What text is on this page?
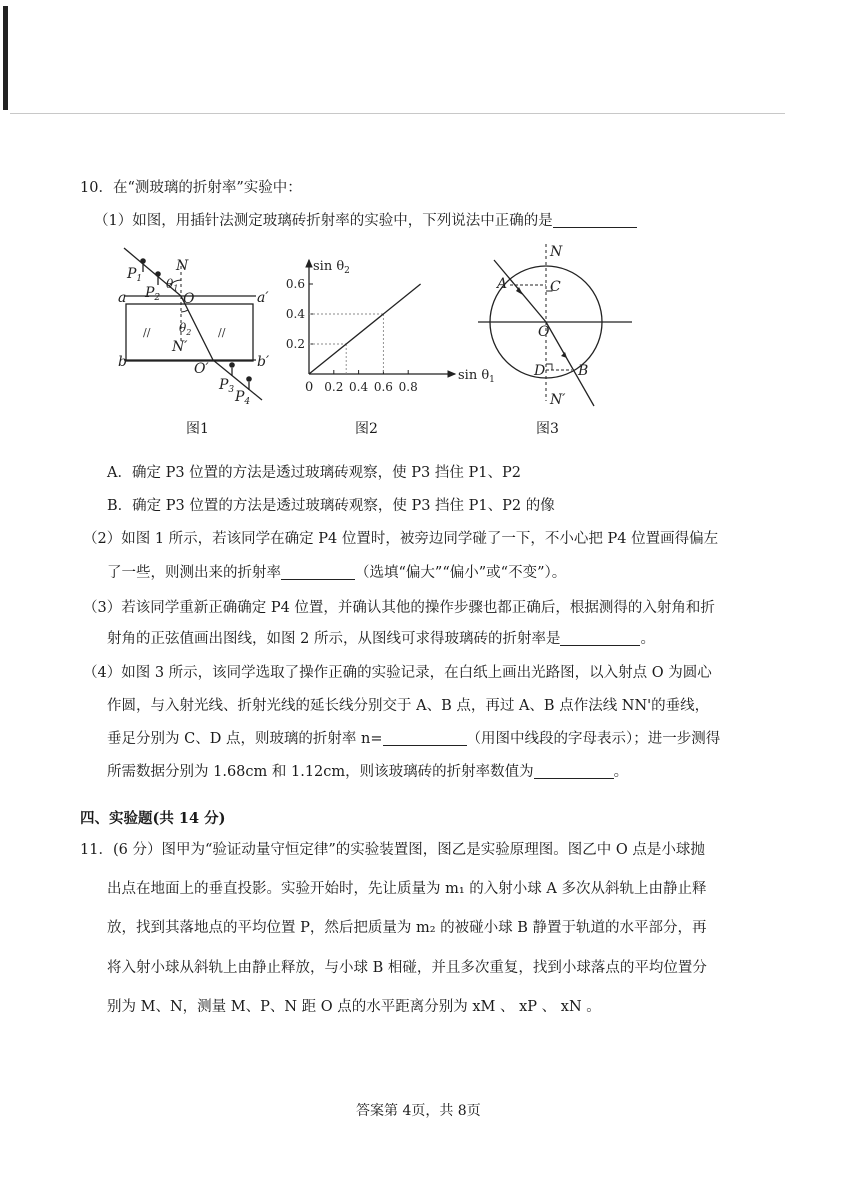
10．在“测玻璃的折射率”实验中：
（1）如图，用插针法测定玻璃砖折射率的实验中，下列说法中正确的是
$P_1$
$P_2$
N
$\theta_1$
O
a	a′
$\theta_2$
N′
b	b′
O′
$P_3$ $P_4$
//	//
图1
0.6
0.4
0.2
0.2 0.4 0.6 0.8
$\sin \theta_2$
$\sin \theta_1$
0
图2
N
A	C
O
D B
N′
图3
A．确定 P3 位置的方法是透过玻璃砖观察，使 P3 挡住 P1、P2
B．确定 P3 位置的方法是透过玻璃砖观察，使 P3 挡住 P1、P2 的像
（2）如图 1 所示，若该同学在确定 P4 位置时，被旁边同学碰了一下，不小心把 P4 位置画得偏左
了一些，则测出来的折射率	（选填“偏大”“偏小”或“不变”）。
（3）若该同学重新正确确定 P4 位置，并确认其他的操作步骤也都正确后，根据测得的入射角和折
射角的正弦值画出图线，如图 2 所示，从图线可求得玻璃砖的折射率是	。
（4）如图 3 所示，该同学选取了操作正确的实验记录，在白纸上画出光路图，以入射点 O 为圆心
作圆，与入射光线、折射光线的延长线分别交于 A、B 点，再过 A、B 点作法线 NN'的垂线，
垂足分别为 C、D 点，则玻璃的折射率 n=	（用图中线段的字母表示）；进一步测得
所需数据分别为 1.68cm 和 1.12cm，则该玻璃砖的折射率数值为	。
四、实验题(共 14 分)
11．(6 分）图甲为“验证动量守恒定律”的实验装置图，图乙是实验原理图。图乙中 O 点是小球抛
出点在地面上的垂直投影。实验开始时，先让质量为 m₁ 的入射小球 A 多次从斜轨上由静止释
放，找到其落地点的平均位置 P，然后把质量为 m₂ 的被碰小球 B 静置于轨道的水平部分，再
将入射小球从斜轨上由静止释放，与小球 B 相碰，并且多次重复，找到小球落点的平均位置分
别为 M、N，测量 M、P、N 距 O 点的水平距离分别为 xM 、 xP 、 xN 。
答案第 4页，共 8页
